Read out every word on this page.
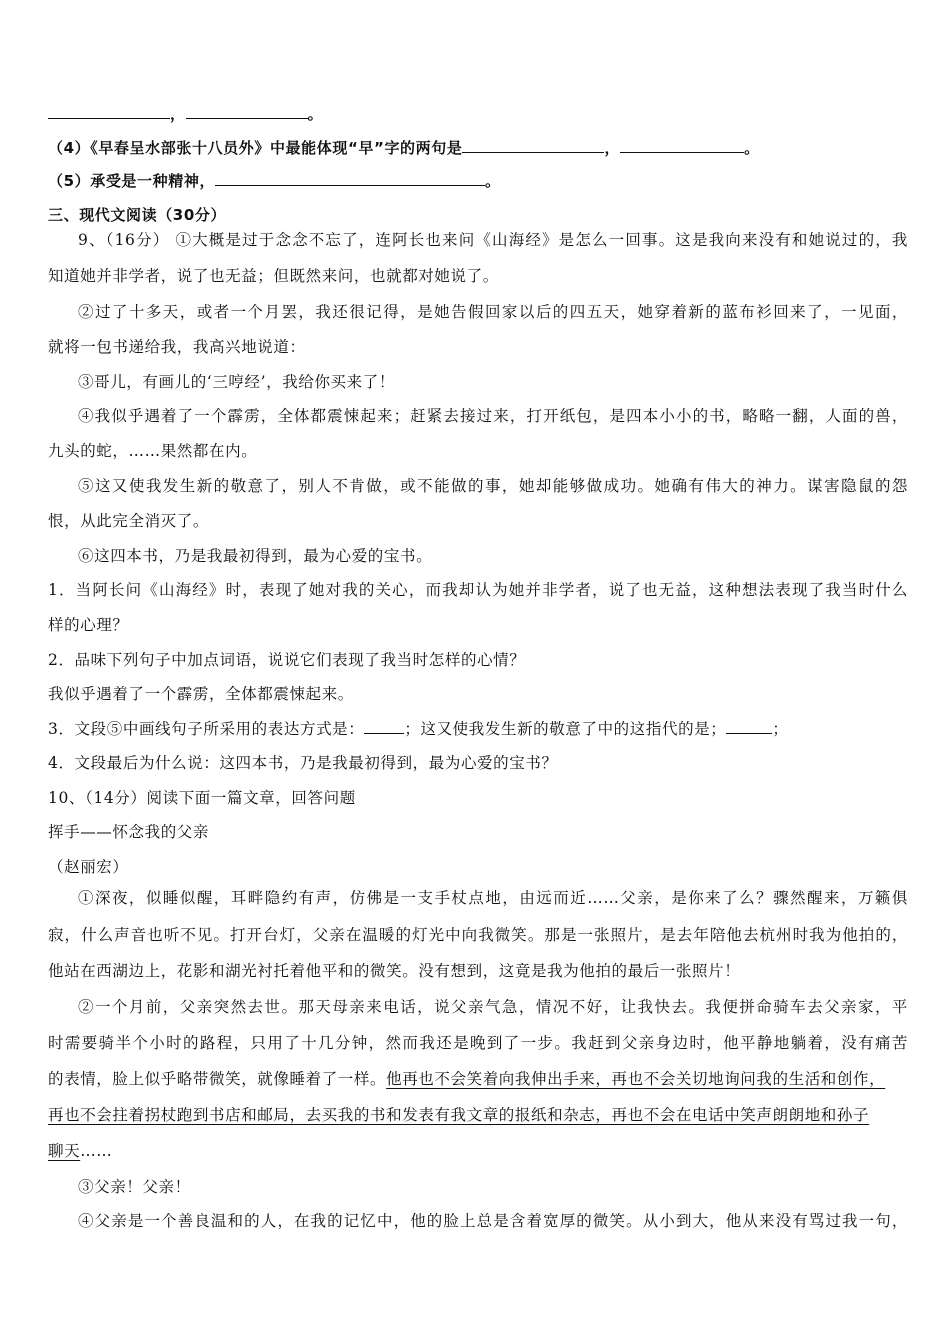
，	。
（4）《早春呈水部张十八员外》中最能体现“早”字的两句是	，	。
（5）承受是一种精神，	。
三、现代文阅读（30分）
9、（16分） ①大概是过于念念不忘了，连阿长也来问《山海经》是怎么一回事。这是我向来没有和她说过的，我
知道她并非学者，说了也无益；但既然来问，也就都对她说了。
②过了十多天，或者一个月罢，我还很记得，是她告假回家以后的四五天，她穿着新的蓝布衫回来了，一见面，
就将一包书递给我，我高兴地说道：
③哥儿，有画儿的‘三哼经’，我给你买来了！
④我似乎遇着了一个霹雳，全体都震悚起来；赶紧去接过来，打开纸包，是四本小小的书，略略一翻，人面的兽，
九头的蛇，……果然都在内。
⑤这又使我发生新的敬意了，别人不肯做，或不能做的事，她却能够做成功。她确有伟大的神力。谋害隐鼠的怨
恨，从此完全消灭了。
⑥这四本书，乃是我最初得到，最为心爱的宝书。
1．当阿长问《山海经》时，表现了她对我的关心，而我却认为她并非学者，说了也无益，这种想法表现了我当时什么
样的心理？
2．品味下列句子中加点词语，说说它们表现了我当时怎样的心情？
我似乎遇着了一个霹雳，全体都震悚起来。
3．文段⑤中画线句子所采用的表达方式是：	；这又使我发生新的敬意了中的这指代的是；	；
4．文段最后为什么说：这四本书，乃是我最初得到，最为心爱的宝书？
10、（14分）阅读下面一篇文章，回答问题
挥手——怀念我的父亲
（赵丽宏）
①深夜，似睡似醒，耳畔隐约有声，仿佛是一支手杖点地，由远而近……父亲，是你来了么？骤然醒来，万籁俱
寂，什么声音也听不见。打开台灯，父亲在温暖的灯光中向我微笑。那是一张照片，是去年陪他去杭州时我为他拍的，
他站在西湖边上，花影和湖光衬托着他平和的微笑。没有想到，这竟是我为他拍的最后一张照片！
②一个月前，父亲突然去世。那天母亲来电话，说父亲气急，情况不好，让我快去。我便拼命骑车去父亲家，平
时需要骑半个小时的路程，只用了十几分钟，然而我还是晚到了一步。我赶到父亲身边时，他平静地躺着，没有痛苦
的表情，脸上似乎略带微笑，就像睡着了一样。他再也不会笑着向我伸出手来，再也不会关切地询问我的生活和创作，
再也不会拄着拐杖跑到书店和邮局，去买我的书和发表有我文章的报纸和杂志，再也不会在电话中笑声朗朗地和孙子
聊天……
③父亲！父亲！
④父亲是一个善良温和的人，在我的记忆中，他的脸上总是含着宽厚的微笑。从小到大，他从来没有骂过我一句，
